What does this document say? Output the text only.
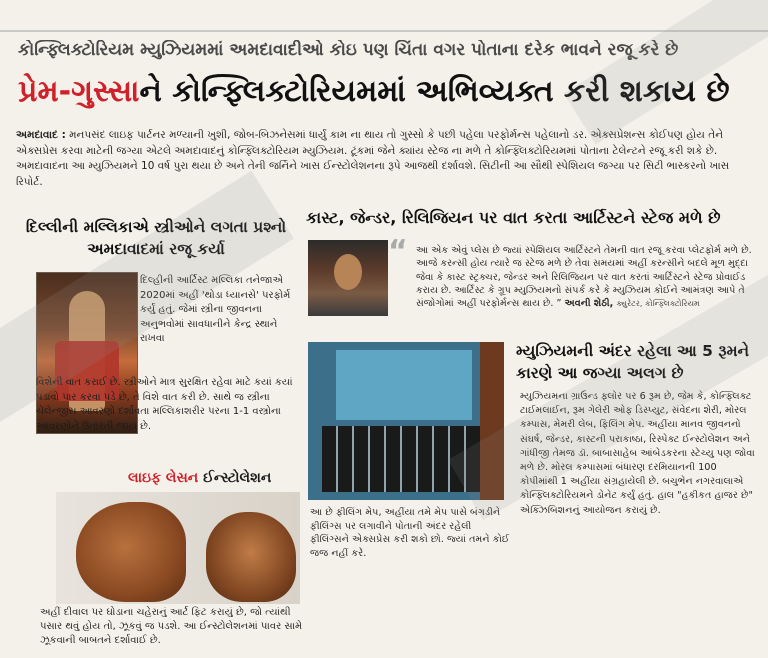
કોન્ફ્લિક્ટોરિયમ મ્યુઝિયમમાં અમદાવાદીઓ કોઇ પણ ચિંતા વગર પોતાના દરેક ભાવને રજૂ કરે છે
પ્રેમ-ગુસ્સાને કોન્ફ્લિક્ટોરિયમમાં અભિવ્યક્ત કરી શકાય છે
અમદાવાદ : મનપસંદ લાઇફ પાર્ટનર મળ્યાની ખુશી, જોબ-બિઝનેસમાં ધાર્યું કામ ના થાય તો ગુસ્સો કે પછી પહેલા પરફોર્મન્સ પહેલાનો ડર. એક્સપ્રેશન્સ કોઈપણ હોય તેને એક્સપ્રેસ કરવા માટેની જગ્યા એટલે અમદાવાદનું કોન્ફ્લિક્ટોરિયમ મ્યુઝિયમ. ટૂંકમાં જેને ક્યાંય સ્ટેજ ના મળે તે કોન્ફ્લિક્ટોરિયમમાં પોતાના ટેલેન્ટને રજૂ કરી શકે છે. અમદાવાદના આ મ્યુઝિયમને 10 વર્ષ પુરા થયા છે અને તેની જર્નિને ખાસ ઈન્સ્ટોલેશનના રૂપે આજથી દર્શાવશે. સિટીની આ સૌથી સ્પેશિયલ જગ્યા પર સિટી ભાસ્કરનો ખાસ રિપોર્ટ.
દિલ્લીની મલ્લિકાએ સ્ત્રીઓને લગતા પ્રશ્નો અમદાવાદમાં રજૂ કર્યા
દિલ્હીની આર્ટિસ્ટ મલ્લિકા તનેજાએ 2020માં અહીં 'થોડા ધ્યાનસે' પરફોર્મ કર્યું હતું. જેમાં સ્ત્રીના જીવનના અનુભવોમાં સાવધાનીને કેન્દ્ર સ્થાને રાખવા
વિશેની વાત કરાઈ છે. સ્ત્રીઓને માત્ર સુરક્ષિત રહેવા માટે કયાં કયાં પડાવો પાર કરવા પડે છે, તે વિશે વાત કરી છે. સાથે જ સ્ત્રીના ચેલેન્જીસ આવરણો દર્શાવતા મલ્લિકાશરીર પરના 1-1 વસ્ત્રોના આવરણોને ઉતારતી જાય છે.
લાઇફ લેસન ઈન્સ્ટોલેશન
અહીં દીવાલ પર ઘોડાના ચહેરાનું આર્ટ ફિટ કરાયું છે, જો ત્યાંથી પસાર થવું હોય તો, ઝૂકવું જ પડશે. આ ઈન્સ્ટોલેશનમાં પાવર સામે ઝૂકવાની બાબતને દર્શાવાઈ છે.
કાસ્ટ, જેન્ડર, રિલિજિયન પર વાત કરતા આર્ટિસ્ટને સ્ટેજ મળે છે
“ આ એક એવું પ્લેસ છે જ્યાં સ્પેશિયલ આર્ટિસ્ટને તેમની વાત રજૂ કરવા પ્લેટફોર્મ મળે છે. આજે કરન્સી હોય ત્યારે જ સ્ટેજ મળે છે તેવા સમયમાં અહીં કરન્સીને બદલે મૂળ મુદ્દા જેવા કે કાસ્ટ સ્ટ્રક્ચર, જેન્ડર અને રિલિજિયન પર વાત કરતાં આર્ટિસ્ટને સ્ટેજ પ્રોવાઈડ કરાય છે. આર્ટિસ્ટ કે ગ્રૂપ મ્યુઝિયમનો સંપર્ક કરે કે મ્યુઝિયમ કોઈને આમંત્રણ આપે તે સંજોગોમાં અહીં પરફોર્મન્સ થાય છે. ” અવની શેઠી, ક્યુરેટર, કોન્ફ્લિક્ટોરિયમ
આ છે ફીલિંગ મેપ, અહીંયા તમે મેપ પાસે બંગડીને ફીલિંગ્સ પર લગાવીને પોતાની અંદર રહેલી ફીલિંગ્સને એક્સપ્રેસ કરી શકો છો. જ્યાં તમને કોઈ જજ નહીં કરે.
મ્યુઝિયમની અંદર રહેલા આ 5 રૂમને કારણે આ જગ્યા અલગ છે
મ્યુઝિયમના ગ્રાઉન્ડ ફ્લોર પર 6 રૂમ છે, જેમ કે, કોન્ફ્લિક્ટ ટાઈમલાઈન, રૂમ ગેલેરી ઓફ ડિસ્પ્યુટ, સંવેદના શેરી, મોરલ કમ્પાસ, મેમરી લેબ, ફિલિંગ મેપ. અહીંયા માનવ જીવનનો સંઘર્ષ, જેન્ડર, કાસ્ટની પરાકાષ્ઠા, રિસ્પેક્ટ ઈન્સ્ટોલેશન અને ગાંધીજી તેમજ ડૉ. બાબાસાહેબ આંબેડકરના સ્ટેચ્યુ પણ જોવા મળે છે. મોરલ કમ્પાસમાં બંધારણ દરમિયાનની 100 કોપીમાંથી 1 અહીંયા સંગ્રહાયેલી છે. બચુભેન નગરવાલાએ કોન્ફ્લિક્ટોરિયમને ડોનેટ કર્યું હતું. હાલ "હકીકત હાજર છે" એક્ઝિબિશનનું આયોજન કરાયું છે.
